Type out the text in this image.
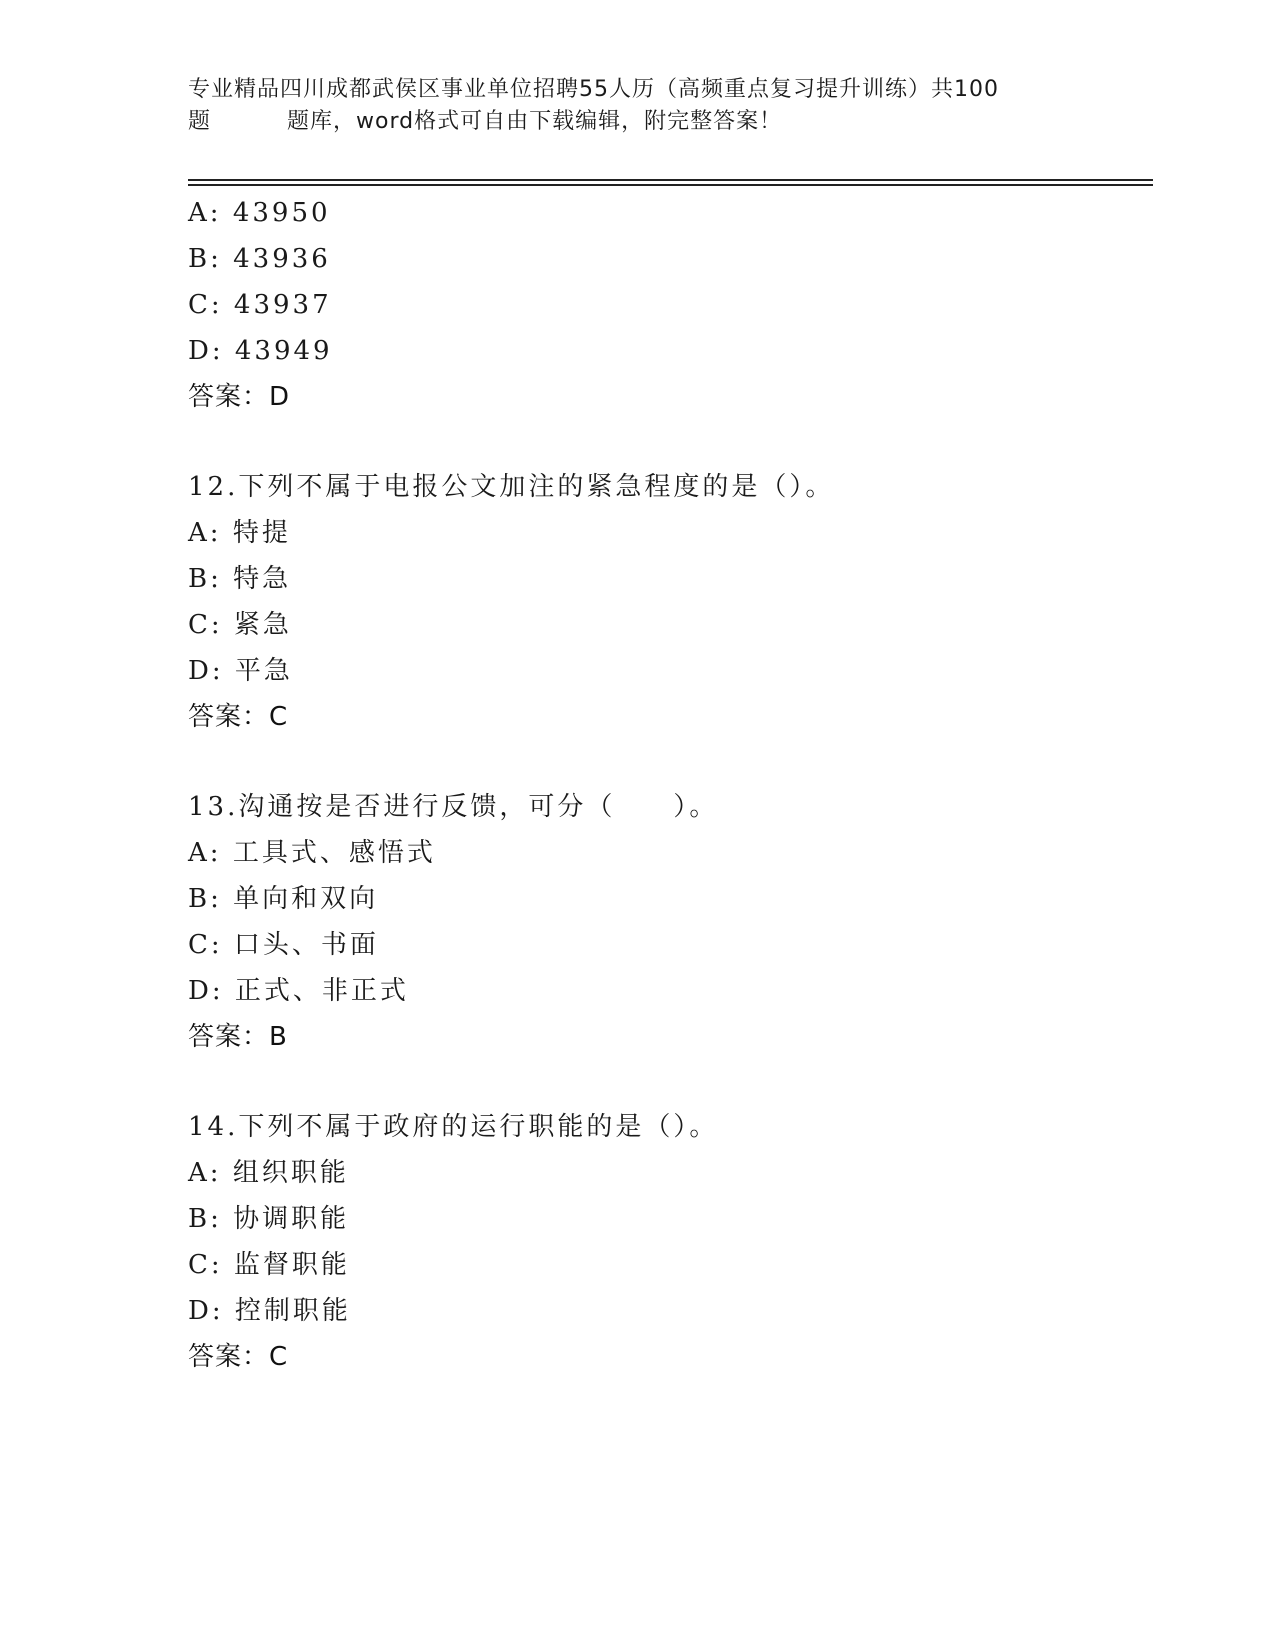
专业精品四川成都武侯区事业单位招聘55人历（高频重点复习提升训练）共100
题	题库，word格式可自由下载编辑，附完整答案！
A: 43950
B: 43936
C: 43937
D: 43949
答案：D
12.下列不属于电报公文加注的紧急程度的是（）。
A: 特提
B: 特急
C: 紧急
D: 平急
答案：C
13.沟通按是否进行反馈，可分（　　）。
A: 工具式、感悟式
B: 单向和双向
C: 口头、书面
D: 正式、非正式
答案：B
14.下列不属于政府的运行职能的是（）。
A: 组织职能
B: 协调职能
C: 监督职能
D: 控制职能
答案：C
